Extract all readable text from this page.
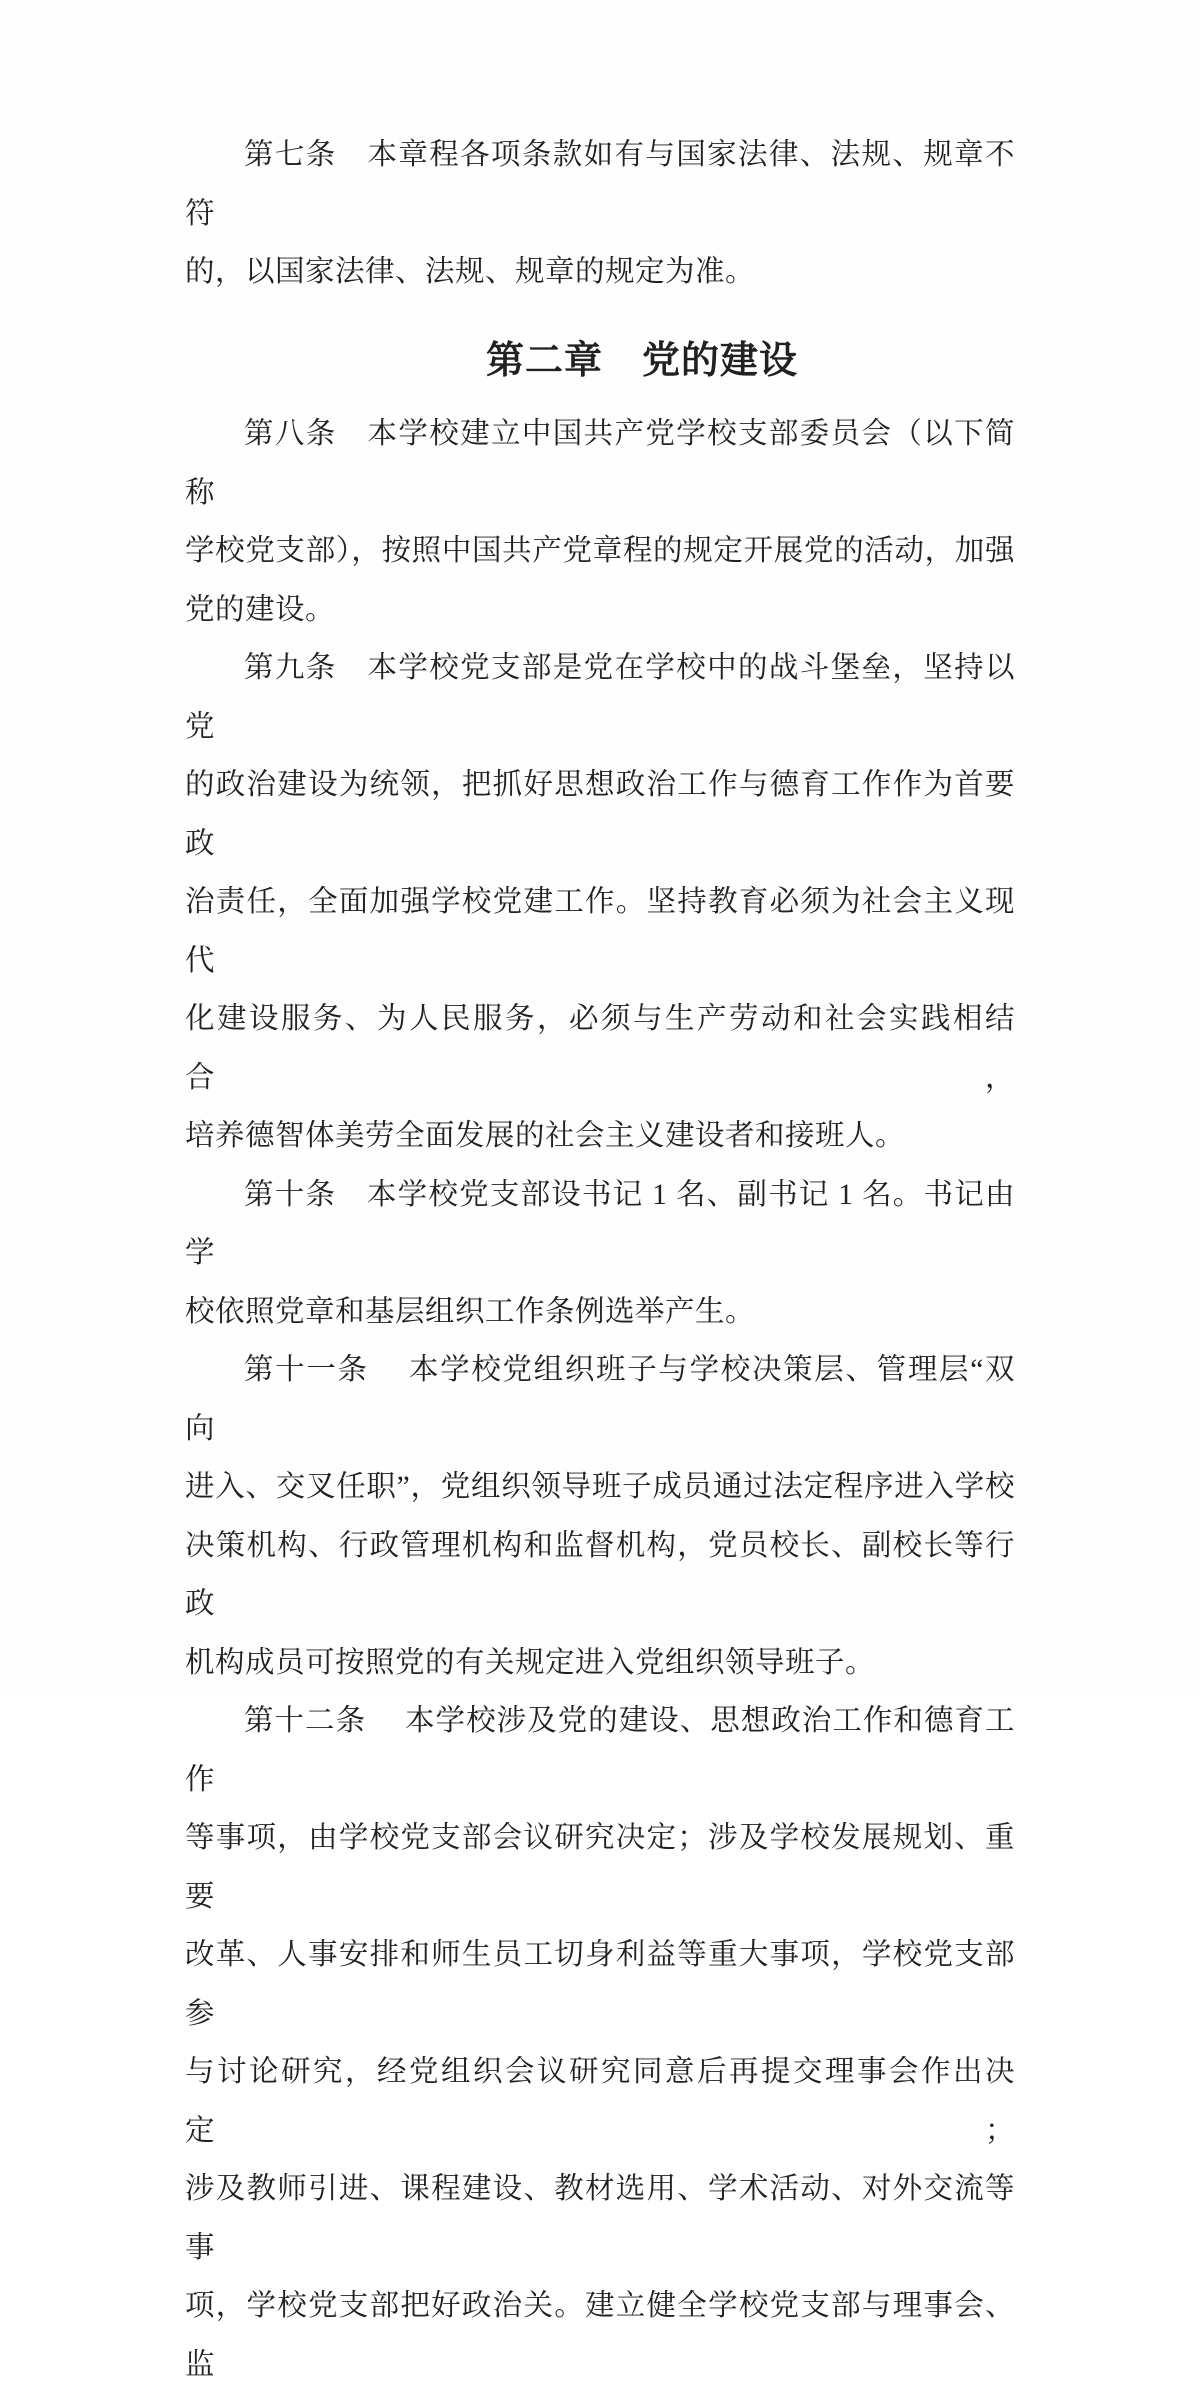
第七条　本章程各项条款如有与国家法律、法规、规章不符
的，以国家法律、法规、规章的规定为准。
第二章　党的建设
第八条　本学校建立中国共产党学校支部委员会（以下简称
学校党支部），按照中国共产党章程的规定开展党的活动，加强
党的建设。
第九条　本学校党支部是党在学校中的战斗堡垒，坚持以党
的政治建设为统领，把抓好思想政治工作与德育工作作为首要政
治责任，全面加强学校党建工作。坚持教育必须为社会主义现代
化建设服务、为人民服务，必须与生产劳动和社会实践相结合，
培养德智体美劳全面发展的社会主义建设者和接班人。
第十条　本学校党支部设书记 1 名、副书记 1 名。书记由学
校依照党章和基层组织工作条例选举产生。
第十一条　 本学校党组织班子与学校决策层、管理层“双向
进入、交叉任职”，党组织领导班子成员通过法定程序进入学校
决策机构、行政管理机构和监督机构，党员校长、副校长等行政
机构成员可按照党的有关规定进入党组织领导班子。
第十二条　 本学校涉及党的建设、思想政治工作和德育工作
等事项，由学校党支部会议研究决定；涉及学校发展规划、重要
改革、人事安排和师生员工切身利益等重大事项，学校党支部参
与讨论研究，经党组织会议研究同意后再提交理事会作出决定；
涉及教师引进、课程建设、教材选用、学术活动、对外交流等事
项，学校党支部把好政治关。建立健全学校党支部与理事会、监
